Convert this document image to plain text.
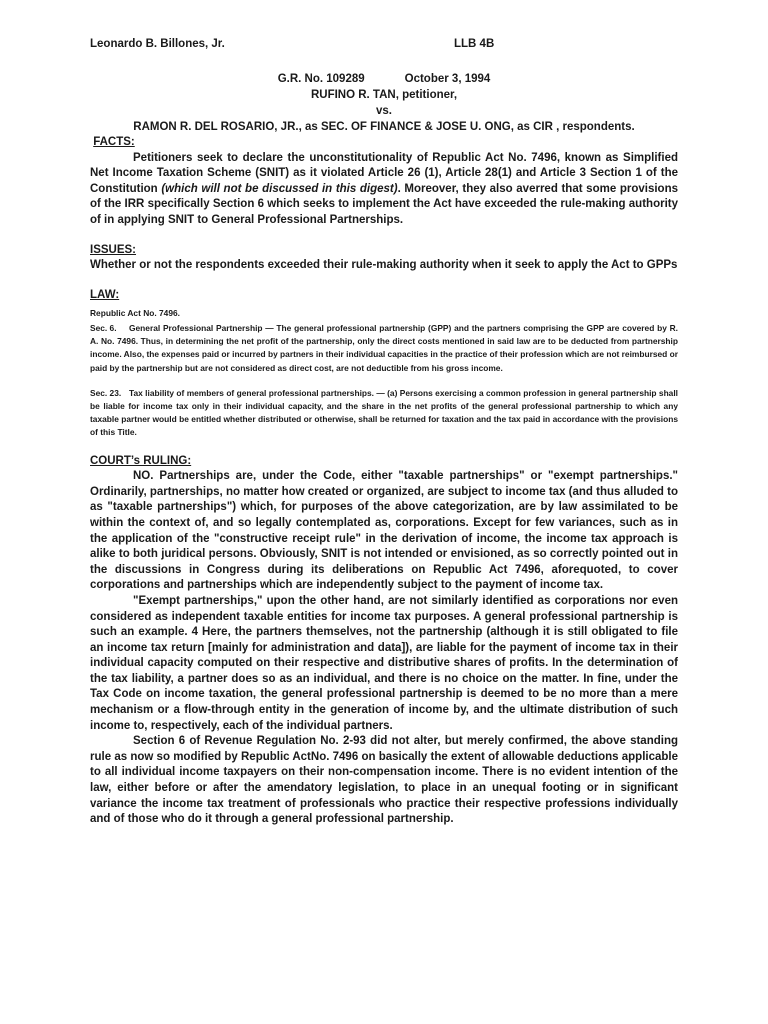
Leonardo B. Billones, Jr.	LLB 4B
G.R. No. 109289	October 3, 1994
RUFINO R. TAN, petitioner,
vs.
RAMON R. DEL ROSARIO, JR., as SEC. OF FINANCE & JOSE U. ONG, as CIR , respondents.
FACTS:

Petitioners seek to declare the unconstitutionality of Republic Act No. 7496, known as Simplified Net Income Taxation Scheme (SNIT) as it violated Article 26 (1), Article 28(1) and Article 3 Section 1 of the Constitution (which will not be discussed in this digest). Moreover, they also averred that some provisions of the IRR specifically Section 6 which seeks to implement the Act have exceeded the rule-making authority of in applying SNIT to General Professional Partnerships.

ISSUES:

Whether or not the respondents exceeded their rule-making authority when it seek to apply the Act to GPPs

LAW:
Republic Act No. 7496.

Sec. 6. General Professional Partnership — The general professional partnership (GPP) and the partners comprising the GPP are covered by R. A. No. 7496. Thus, in determining the net profit of the partnership, only the direct costs mentioned in said law are to be deducted from partnership income. Also, the expenses paid or incurred by partners in their individual capacities in the practice of their profession which are not reimbursed or paid by the partnership but are not considered as direct cost, are not deductible from his gross income.

Sec. 23. Tax liability of members of general professional partnerships. — (a) Persons exercising a common profession in general partnership shall be liable for income tax only in their individual capacity, and the share in the net profits of the general professional partnership to which any taxable partner would be entitled whether distributed or otherwise, shall be returned for taxation and the tax paid in accordance with the provisions of this Title.

COURT’s RULING:

NO. Partnerships are, under the Code, either "taxable partnerships" or "exempt partnerships." Ordinarily, partnerships, no matter how created or organized, are subject to income tax (and thus alluded to as "taxable partnerships") which, for purposes of the above categorization, are by law assimilated to be within the context of, and so legally contemplated as, corporations. Except for few variances, such as in the application of the "constructive receipt rule" in the derivation of income, the income tax approach is alike to both juridical persons. Obviously, SNIT is not intended or envisioned, as so correctly pointed out in the discussions in Congress during its deliberations on Republic Act 7496, aforequoted, to cover corporations and partnerships which are independently subject to the payment of income tax.

"Exempt partnerships," upon the other hand, are not similarly identified as corporations nor even considered as independent taxable entities for income tax purposes. A general professional partnership is such an example. 4 Here, the partners themselves, not the partnership (although it is still obligated to file an income tax return [mainly for administration and data]), are liable for the payment of income tax in their individual capacity computed on their respective and distributive shares of profits. In the determination of the tax liability, a partner does so as an individual, and there is no choice on the matter. In fine, under the Tax Code on income taxation, the general professional partnership is deemed to be no more than a mere mechanism or a flow-through entity in the generation of income by, and the ultimate distribution of such income to, respectively, each of the individual partners.

Section 6 of Revenue Regulation No. 2-93 did not alter, but merely confirmed, the above standing rule as now so modified by Republic ActNo. 7496 on basically the extent of allowable deductions applicable to all individual income taxpayers on their non-compensation income. There is no evident intention of the law, either before or after the amendatory legislation, to place in an unequal footing or in significant variance the income tax treatment of professionals who practice their respective professions individually and of those who do it through a general professional partnership.
